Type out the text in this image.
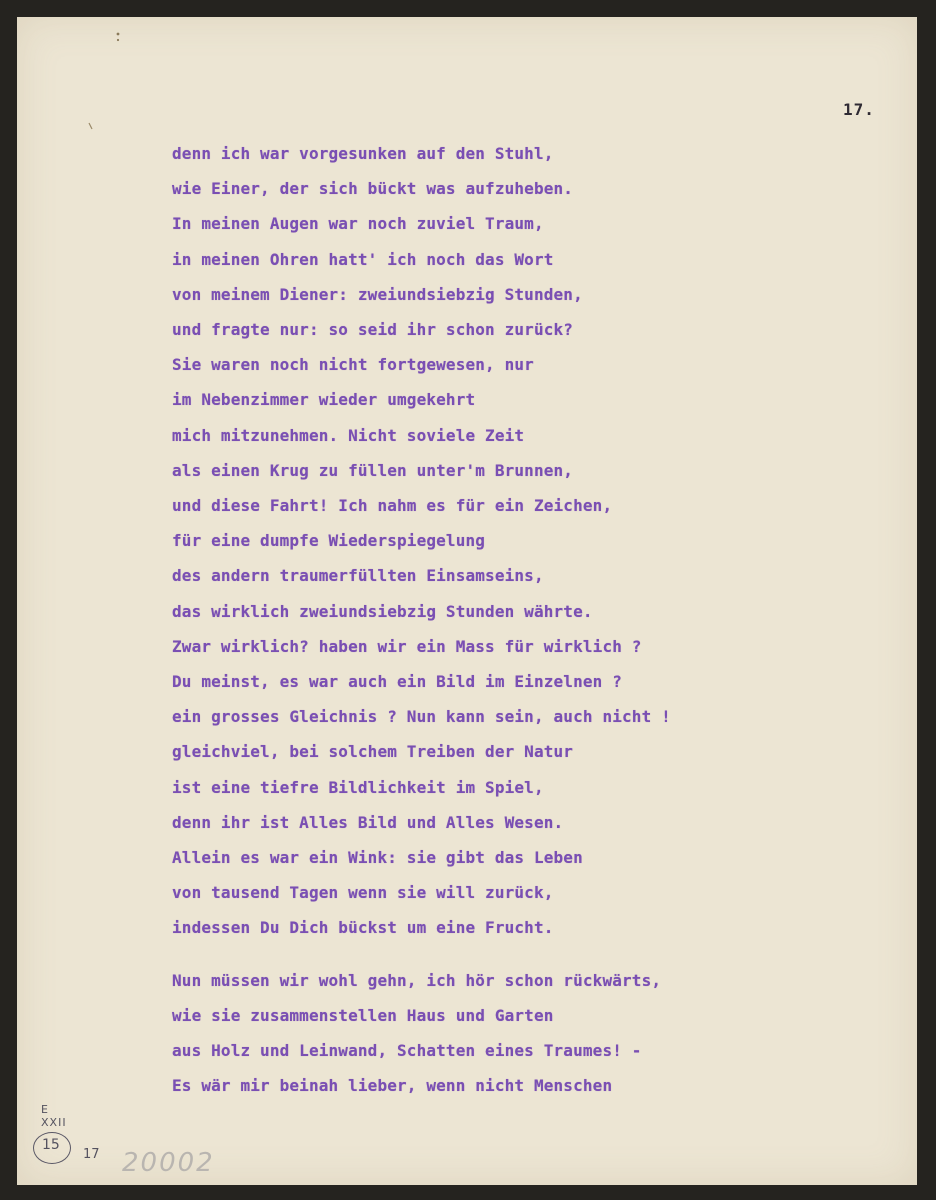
17.
denn ich war vorgesunken auf den Stuhl,
wie Einer, der sich bückt was aufzuheben.
In meinen Augen war noch zuviel Traum,
in meinen Ohren hatt' ich noch das Wort
von meinem Diener: zweiundsiebzig Stunden,
und fragte nur: so seid ihr schon zurück?
Sie waren noch nicht fortgewesen, nur
im Nebenzimmer wieder umgekehrt
mich mitzunehmen. Nicht soviele Zeit
als einen Krug zu füllen unter'm Brunnen,
und diese Fahrt! Ich nahm es für ein Zeichen,
für eine dumpfe Wiederspiegelung
des andern traumerfüllten Einsamseins,
das wirklich zweiundsiebzig Stunden währte.
Zwar wirklich? haben wir ein Mass für wirklich ?
Du meinst, es war auch ein Bild im Einzelnen ?
ein grosses Gleichnis ? Nun kann sein, auch nicht !
gleichviel, bei solchem Treiben der Natur
ist eine tiefre Bildlichkeit im Spiel,
denn ihr ist Alles Bild und Alles Wesen.
Allein es war ein Wink: sie gibt das Leben
von tausend Tagen wenn sie will zurück,
indessen Du Dich bückst um eine Frucht.
Nun müssen wir wohl gehn, ich hör schon rückwärts,
wie sie zusammenstellen Haus und Garten
aus Holz und Leinwand, Schatten eines Traumes! -
Es wär mir beinah lieber, wenn nicht Menschen
E XXII
15
17 20002
